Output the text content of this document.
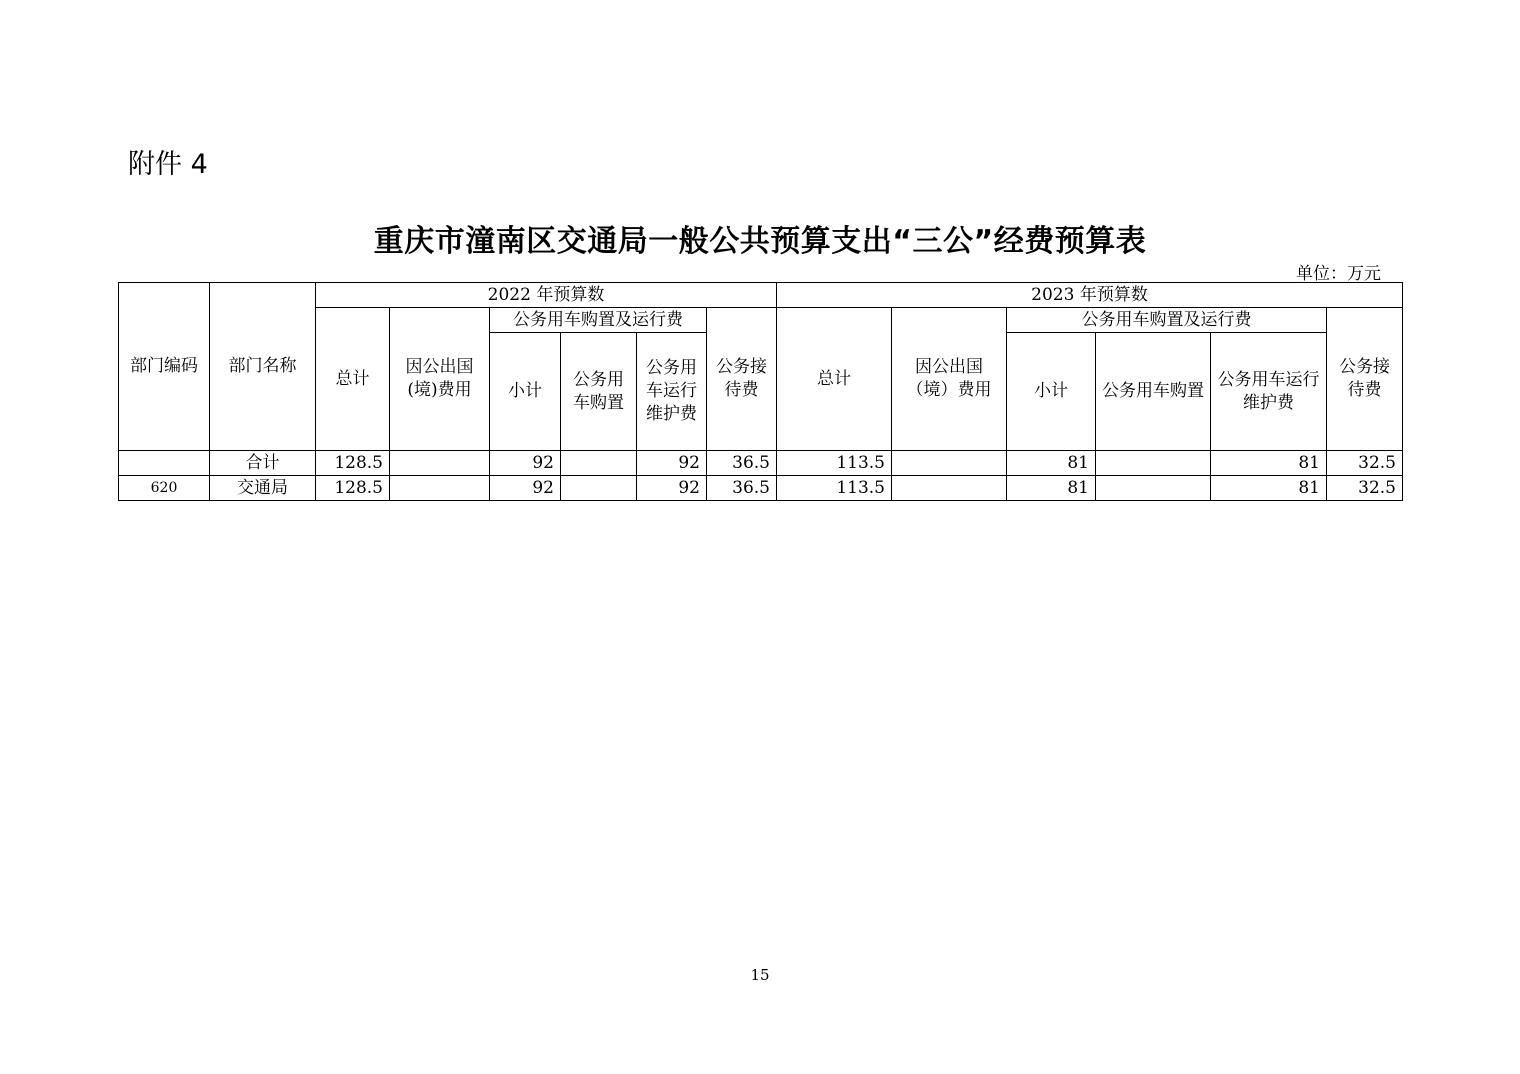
附件 4
重庆市潼南区交通局一般公共预算支出“三公”经费预算表
单位：万元
部门编码	部门名称	2022 年预算数						2023 年预算数					
		总计	因公出国(境)费用	公务用车购置及运行费			公务接待费	总计	因公出国（境）费用	公务用车购置及运行费			公务接待费
				小计	公务用车购置	公务用车运行维护费				小计	公务用车购置	公务用车运行维护费	
	合计	128.5		92		92	36.5	113.5		81		81	32.5
620	交通局	128.5		92		92	36.5	113.5		81		81	32.5
15
